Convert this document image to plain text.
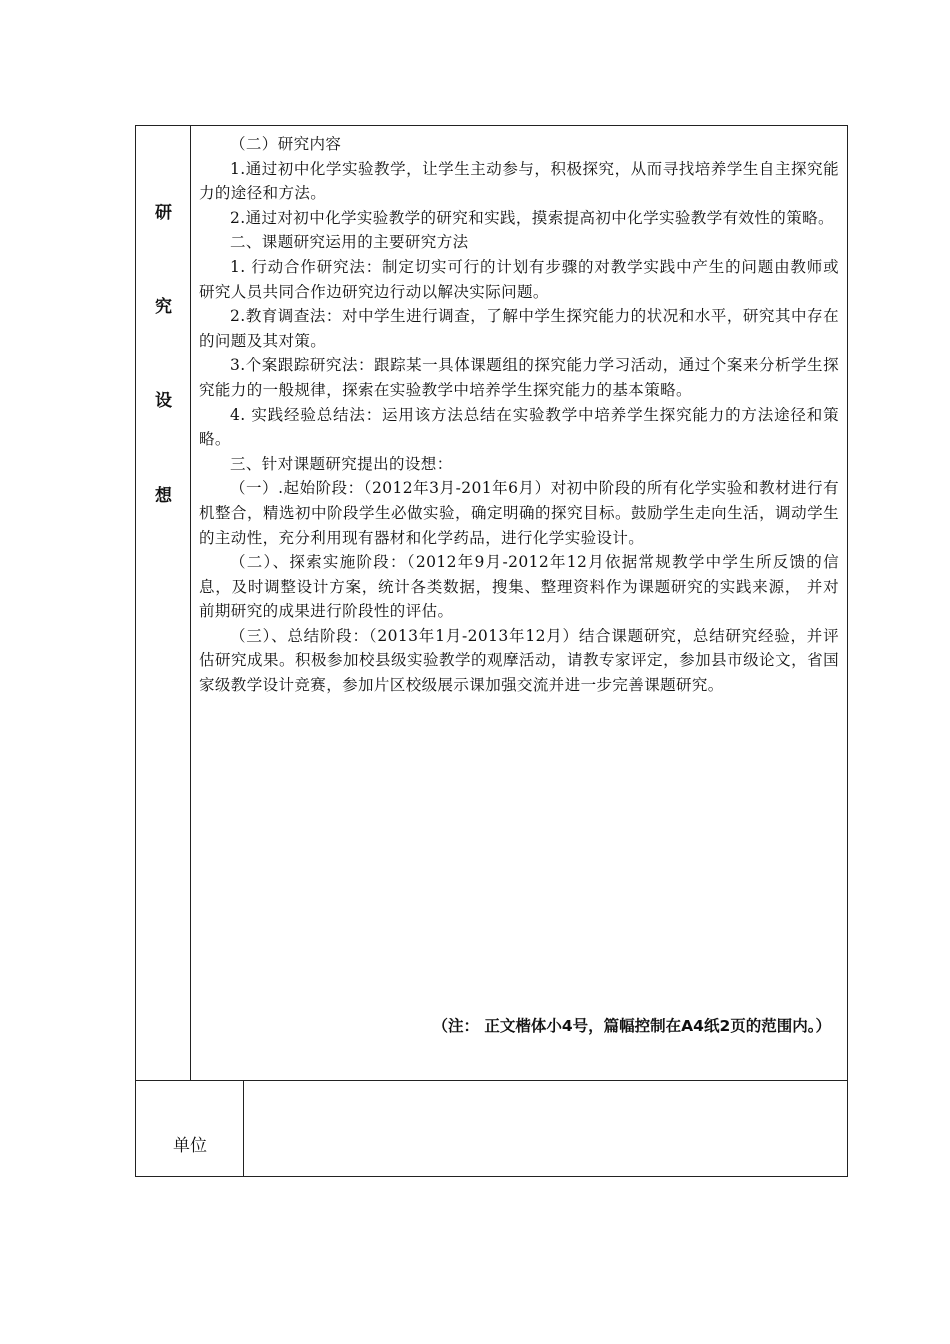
研
究
设
想

（二）研究内容

1.通过初中化学实验教学，让学生主动参与，积极探究，从而寻找培养学生自主探究能力的途径和方法。

2.通过对初中化学实验教学的研究和实践，摸索提高初中化学实验教学有效性的策略。

二、课题研究运用的主要研究方法

1. 行动合作研究法：制定切实可行的计划有步骤的对教学实践中产生的问题由教师或研究人员共同合作边研究边行动以解决实际问题。

2.教育调查法：对中学生进行调查，了解中学生探究能力的状况和水平，研究其中存在的问题及其对策。

3.个案跟踪研究法：跟踪某一具体课题组的探究能力学习活动，通过个案来分析学生探究能力的一般规律，探索在实验教学中培养学生探究能力的基本策略。

4. 实践经验总结法：运用该方法总结在实验教学中培养学生探究能力的方法途径和策略。

三、针对课题研究提出的设想：

（一）.起始阶段：（2012年3月-201年6月）对初中阶段的所有化学实验和教材进行有机整合，精选初中阶段学生必做实验，确定明确的探究目标。鼓励学生走向生活，调动学生的主动性，充分利用现有器材和化学药品，进行化学实验设计。

（二）、探索实施阶段：（2012年9月-2012年12月依据常规教学中学生所反馈的信息，及时调整设计方案，统计各类数据，搜集、整理资料作为课题研究的实践来源， 并对前期研究的成果进行阶段性的评估。

（三）、总结阶段：（2013年1月-2013年12月）结合课题研究，总结研究经验，并评估研究成果。积极参加校县级实验教学的观摩活动，请教专家评定，参加县市级论文，省国家级教学设计竞赛，参加片区校级展示课加强交流并进一步完善课题研究。

（注： 正文楷体小4号，篇幅控制在A4纸2页的范围内。）
单位
